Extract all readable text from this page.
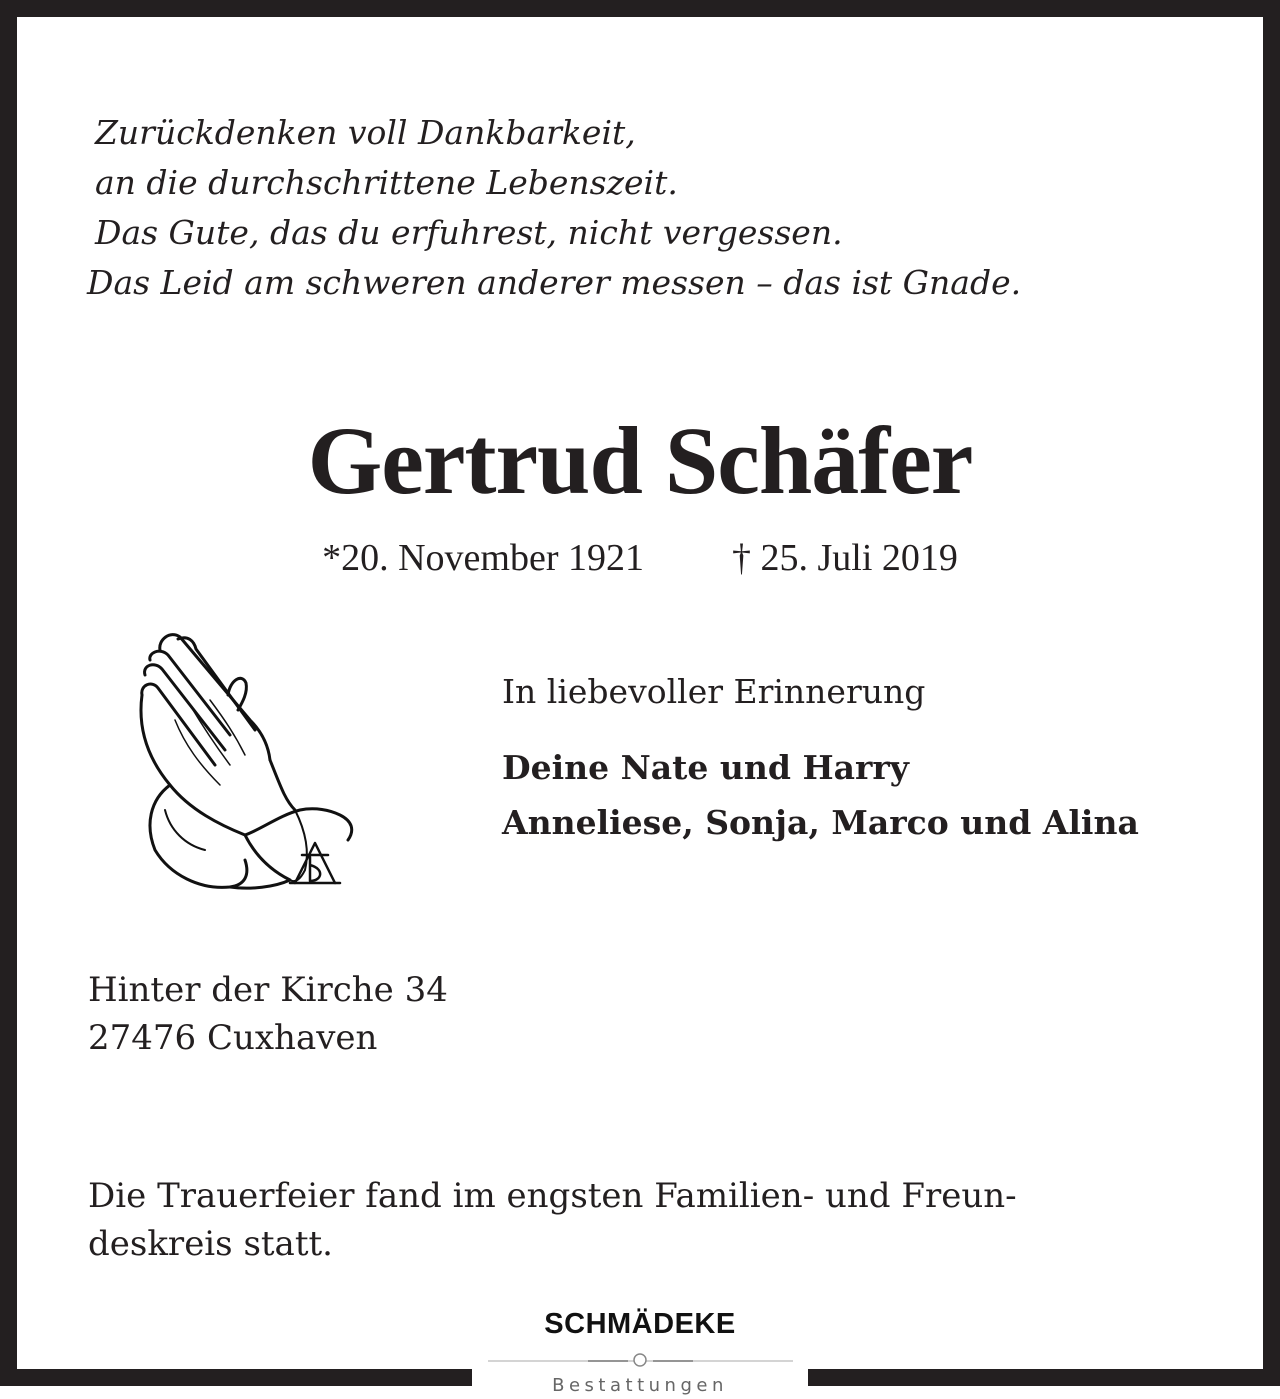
Zurückdenken voll Dankbarkeit,
an die durchschrittene Lebenszeit.
Das Gute, das du erfuhrest, nicht vergessen.
Das Leid am schweren anderer messen – das ist Gnade.
Gertrud Schäfer
*20. November 1921 † 25. Juli 2019
In liebevoller Erinnerung
Deine Nate und Harry
Anneliese, Sonja, Marco und Alina
Hinter der Kirche 34
27476 Cuxhaven
Die Trauerfeier fand im engsten Familien- und Freun-
deskreis statt.
SCHMÄDEKE
Bestattungen
